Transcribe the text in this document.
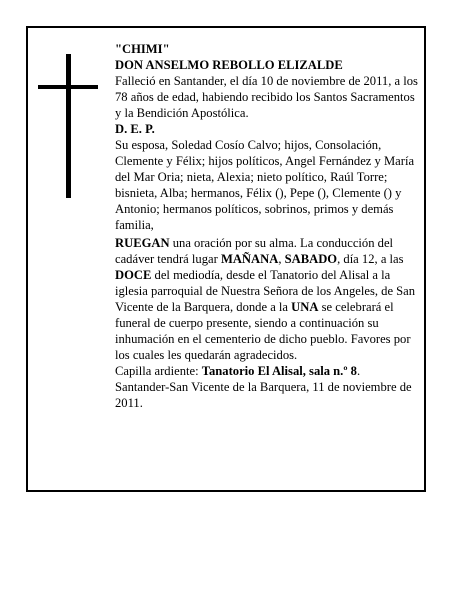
"CHIMI"

DON ANSELMO REBOLLO ELIZALDE

Falleció en Santander, el día 10 de noviembre de 2011, a los 78 años de edad, habiendo recibido los Santos Sacramentos y la Bendición Apostólica.

D. E. P.

Su esposa, Soledad Cosío Calvo; hijos, Consolación, Clemente y Félix; hijos políticos, Angel Fernández y María del Mar Oria; nieta, Alexia; nieto político, Raúl Torre; bisnieta, Alba; hermanos, Félix (), Pepe (), Clemente () y Antonio; hermanos políticos, sobrinos, primos y demás familia,

RUEGAN una oración por su alma. La conducción del cadáver tendrá lugar MAÑANA, SABADO, día 12, a las DOCE del mediodía, desde el Tanatorio del Alisal a la iglesia parroquial de Nuestra Señora de los Angeles, de San Vicente de la Barquera, donde a la UNA se celebrará el funeral de cuerpo presente, siendo a continuación su inhumación en el cementerio de dicho pueblo. Favores por los cuales les quedarán agradecidos.

Capilla ardiente: Tanatorio El Alisal, sala n.º 8.

Santander-San Vicente de la Barquera, 11 de noviembre de 2011.
